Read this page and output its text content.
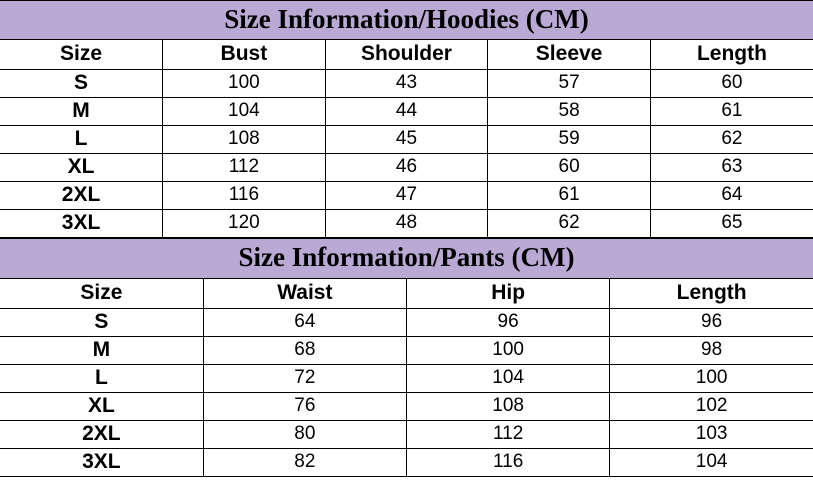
Size Information/Hoodies (CM)				
Size	Bust	Shoulder	Sleeve	Length
S	100	43	57	60
M	104	44	58	61
L	108	45	59	62
XL	112	46	60	63
2XL	116	47	61	64
3XL	120	48	62	65
Size Information/Pants (CM)			
Size	Waist	Hip	Length
S	64	96	96
M	68	100	98
L	72	104	100
XL	76	108	102
2XL	80	112	103
3XL	82	116	104
